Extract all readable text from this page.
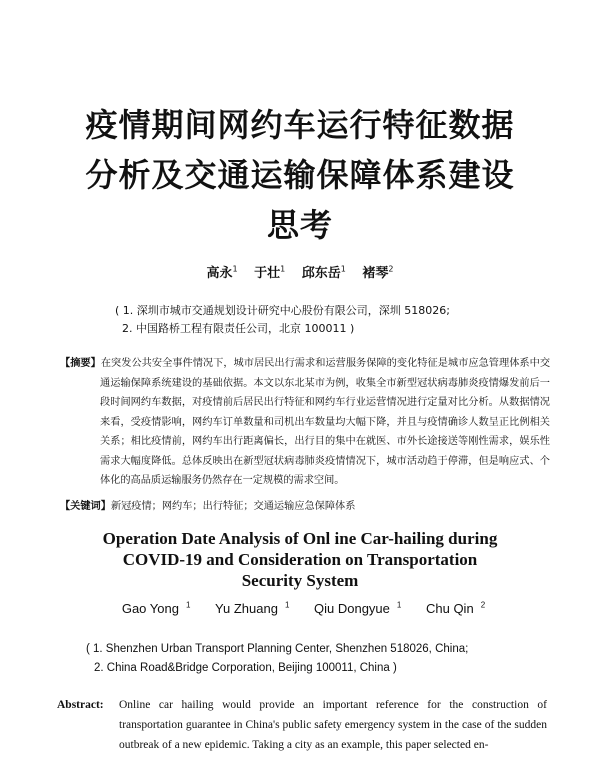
疫情期间网约车运行特征数据
分析及交通运输保障体系建设
思考
高永$^1$ 于壮$^1$ 邱东岳$^1$ 褚琴$^2$
( 1. 深圳市城市交通规划设计研究中心股份有限公司，深圳 518026;
2. 中国路桥工程有限责任公司，北京 100011 )
【摘要】在突发公共安全事件情况下，城市居民出行需求和运营服务保障的变化特征是城市应急管理体系中交通运输保障系统建设的基础依据。本文以东北某市为例，收集全市新型冠状病毒肺炎疫情爆发前后一段时间网约车数据，对疫情前后居民出行特征和网约车行业运营情况进行定量对比分析。从数据情况来看，受疫情影响，网约车订单数量和司机出车数量均大幅下降，并且与疫情确诊人数呈正比例相关关系；相比疫情前，网约车出行距离偏长，出行目的集中在就医、市外长途接送等刚性需求，娱乐性需求大幅度降低。总体反映出在新型冠状病毒肺炎疫情情况下，城市活动趋于停滞，但是响应式、个体化的高品质运输服务仍然存在一定规模的需求空间。
【关键词】新冠疫情；网约车；出行特征；交通运输应急保障体系
Operation Date Analysis of Onl ine Car-hailing during
COVID-19 and Consideration on Transportation
Security System
Gao Yong $^1$ Yu Zhuang $^1$ Qiu Dongyue $^1$ Chu Qin $^2$
( 1. Shenzhen Urban Transport Planning Center, Shenzhen 518026, China;
2. China Road&Bridge Corporation, Beijing 100011, China )
Abstract:	Online car hailing would provide an important reference for the construction of transportation guarantee in China's public safety emergency system in the case of the sudden outbreak of a new epidemic. Taking a city as an example, this paper selected en-
